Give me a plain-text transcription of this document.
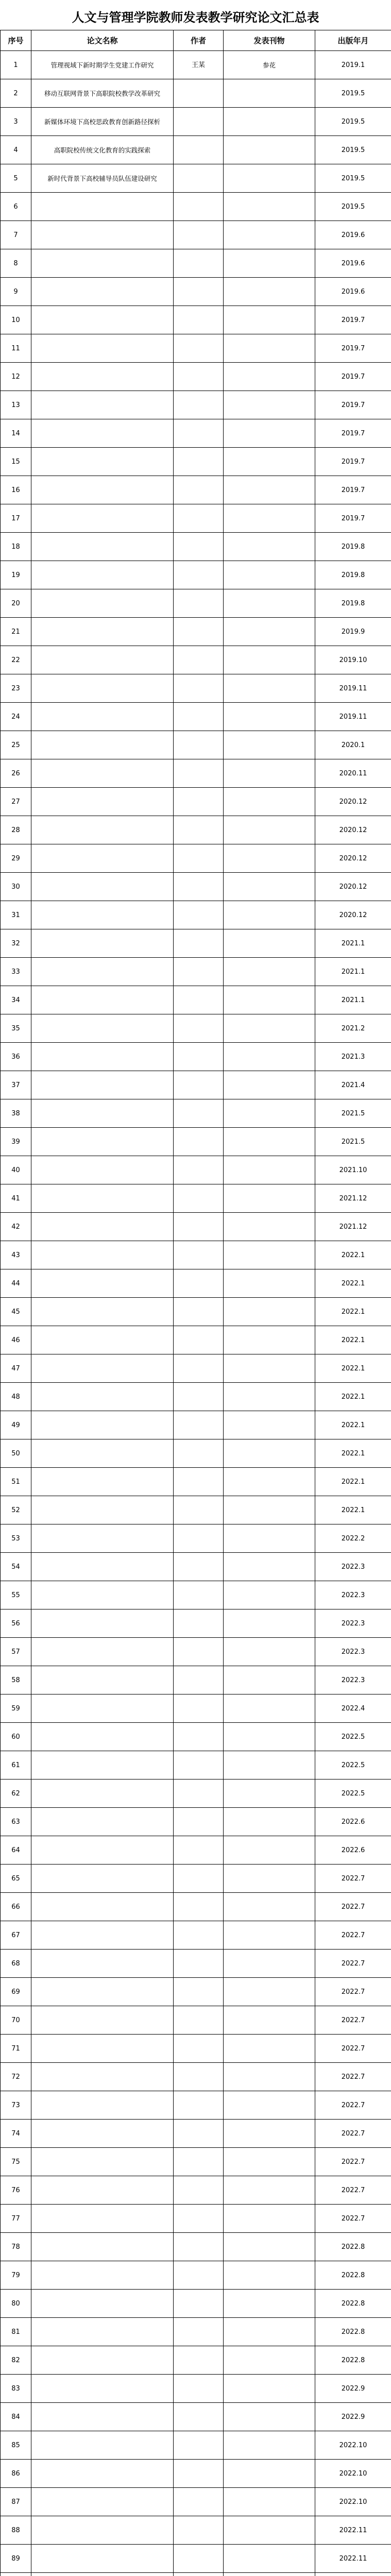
人文与管理学院教师发表教学研究论文汇总表
序号	论文名称	作者	发表刊物	出版年月
1	管理视域下新时期学生党建工作研究	王某	参花	2019.1
2	移动互联网背景下高职院校教学改革研究			2019.5
3	新媒体环境下高校思政教育创新路径探析			2019.5
4	高职院校传统文化教育的实践探索			2019.5
5	新时代背景下高校辅导员队伍建设研究			2019.5
6				2019.5
7				2019.6
8				2019.6
9				2019.6
10				2019.7
11				2019.7
12				2019.7
13				2019.7
14				2019.7
15				2019.7
16				2019.7
17				2019.7
18				2019.8
19				2019.8
20				2019.8
21				2019.9
22				2019.10
23				2019.11
24				2019.11
25				2020.1
26				2020.11
27				2020.12
28				2020.12
29				2020.12
30				2020.12
31				2020.12
32				2021.1
33				2021.1
34				2021.1
35				2021.2
36				2021.3
37				2021.4
38				2021.5
39				2021.5
40				2021.10
41				2021.12
42				2021.12
43				2022.1
44				2022.1
45				2022.1
46				2022.1
47				2022.1
48				2022.1
49				2022.1
50				2022.1
51				2022.1
52				2022.1
53				2022.2
54				2022.3
55				2022.3
56				2022.3
57				2022.3
58				2022.3
59				2022.4
60				2022.5
61				2022.5
62				2022.5
63				2022.6
64				2022.6
65				2022.7
66				2022.7
67				2022.7
68				2022.7
69				2022.7
70				2022.7
71				2022.7
72				2022.7
73				2022.7
74				2022.7
75				2022.7
76				2022.7
77				2022.7
78				2022.8
79				2022.8
80				2022.8
81				2022.8
82				2022.8
83				2022.9
84				2022.9
85				2022.10
86				2022.10
87				2022.10
88				2022.11
89				2022.11
